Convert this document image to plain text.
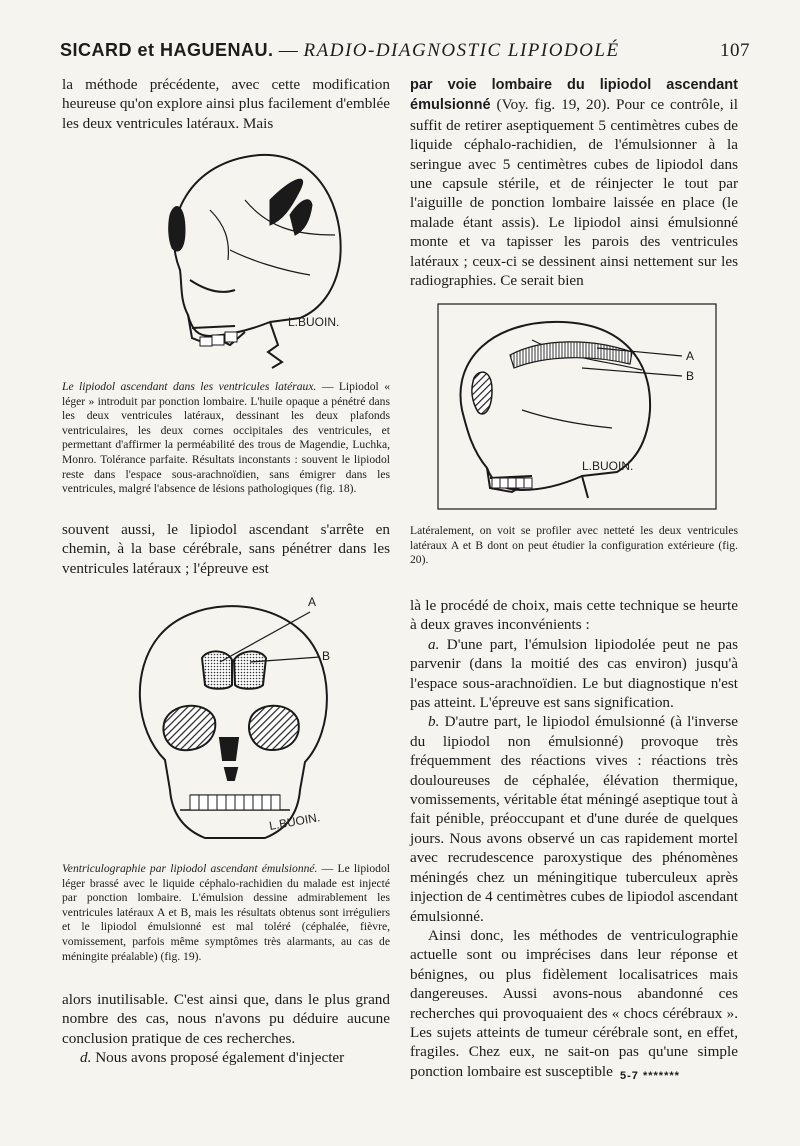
SICARD et HAGUENAU. — RADIO-DIAGNOSTIC LIPIODOLÉ	107

la méthode précédente, avec cette modification heureuse qu'on explore ainsi plus facilement d'emblée les deux ventricules latéraux. Mais

L.BUOIN.
Le lipiodol ascendant dans les ventricules latéraux. — Lipiodol « léger » introduit par ponction lombaire. L'huile opaque a pénétré dans les deux ventricules latéraux, dessinant les deux plafonds ventriculaires, les deux cornes occipitales des ventricules, et permettant d'affirmer la perméabilité des trous de Magendie, Luchka, Monro. Tolérance parfaite. Résultats inconstants : souvent le lipiodol reste dans l'espace sous-arachnoïdien, sans émigrer dans les ventricules, malgré l'absence de lésions pathologiques (fig. 18).

souvent aussi, le lipiodol ascendant s'arrête en chemin, à la base cérébrale, sans pénétrer dans les ventricules latéraux ; l'épreuve est

A
B
L.BUOIN.
Ventriculographie par lipiodol ascendant émulsionné. — Le lipiodol léger brassé avec le liquide céphalo-rachidien du malade est injecté par ponction lombaire. L'émulsion dessine admirablement les ventricules latéraux A et B, mais les résultats obtenus sont irréguliers et le lipiodol émulsionné est mal toléré (céphalée, fièvre, vomissement, parfois même symptômes très alarmants, au cas de méningite préalable) (fig. 19).

alors inutilisable. C'est ainsi que, dans le plus grand nombre des cas, nous n'avons pu déduire aucune conclusion pratique de ces recherches.

d. Nous avons proposé également d'injecter

par voie lombaire du lipiodol ascendant émulsionné (Voy. fig. 19, 20). Pour ce contrôle, il suffit de retirer aseptiquement 5 centimètres cubes de liquide céphalo-rachidien, de l'émulsionner à la seringue avec 5 centimètres cubes de lipiodol dans une capsule stérile, et de réinjecter le tout par l'aiguille de ponction lombaire laissée en place (le malade étant assis). Le lipiodol ainsi émulsionné monte et va tapisser les parois des ventricules latéraux ; ceux-ci se dessinent ainsi nettement sur les radiographies. Ce serait bien

A
B
L.BUOIN.
Latéralement, on voit se profiler avec netteté les deux ventricules latéraux A et B dont on peut étudier la configuration extérieure (fig. 20).

là le procédé de choix, mais cette technique se heurte à deux graves inconvénients :

a. D'une part, l'émulsion lipiodolée peut ne pas parvenir (dans la moitié des cas environ) jusqu'à l'espace sous-arachnoïdien. Le but diagnostique n'est pas atteint. L'épreuve est sans signification.

b. D'autre part, le lipiodol émulsionné (à l'inverse du lipiodol non émulsionné) provoque très fréquemment des réactions vives : réactions très douloureuses de céphalée, élévation thermique, vomissements, véritable état méningé aseptique tout à fait pénible, préoccupant et d'une durée de quelques jours. Nous avons observé un cas rapidement mortel avec recrudescence paroxystique des phénomènes méningés chez un méningitique tuberculeux après injection de 4 centimètres cubes de lipiodol ascendant émulsionné.

Ainsi donc, les méthodes de ventriculographie actuelle sont ou imprécises dans leur réponse et bénignes, ou plus fidèlement localisatrices mais dangereuses. Aussi avons-nous abandonné ces recherches qui provoquaient des « chocs cérébraux ». Les sujets atteints de tumeur cérébrale sont, en effet, fragiles. Chez eux, ne sait-on pas qu'une simple ponction lombaire est susceptible 5-7 *******
